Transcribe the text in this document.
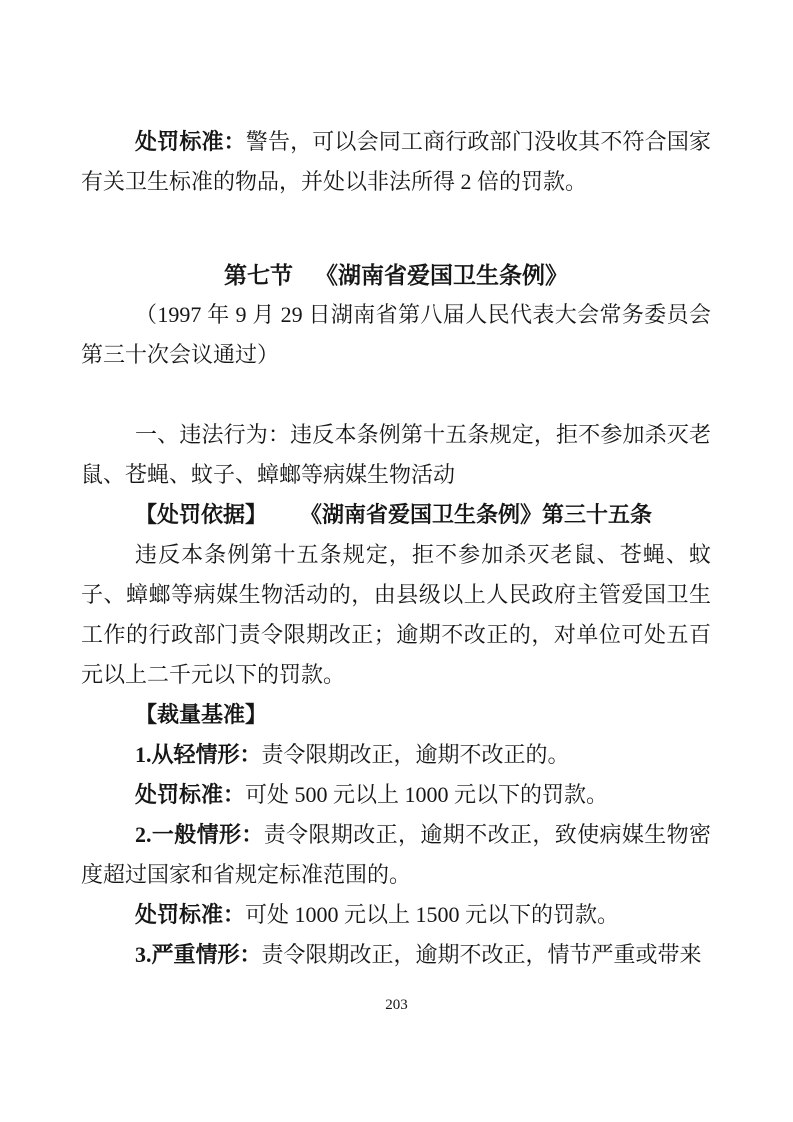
处罚标准：警告，可以会同工商行政部门没收其不符合国家有关卫生标准的物品，并处以非法所得 2 倍的罚款。

第七节 《湖南省爱国卫生条例》

（1997 年 9 月 29 日湖南省第八届人民代表大会常务委员会第三十次会议通过）

一、违法行为：违反本条例第十五条规定，拒不参加杀灭老鼠、苍蝇、蚊子、蟑螂等病媒生物活动

【处罚依据】 《湖南省爱国卫生条例》第三十五条

违反本条例第十五条规定，拒不参加杀灭老鼠、苍蝇、蚊子、蟑螂等病媒生物活动的，由县级以上人民政府主管爱国卫生工作的行政部门责令限期改正；逾期不改正的，对单位可处五百元以上二千元以下的罚款。

【裁量基准】

1.从轻情形：责令限期改正，逾期不改正的。

处罚标准：可处 500 元以上 1000 元以下的罚款。

2.一般情形：责令限期改正，逾期不改正，致使病媒生物密度超过国家和省规定标准范围的。

处罚标准：可处 1000 元以上 1500 元以下的罚款。

3.严重情形：责令限期改正，逾期不改正，情节严重或带来

203
